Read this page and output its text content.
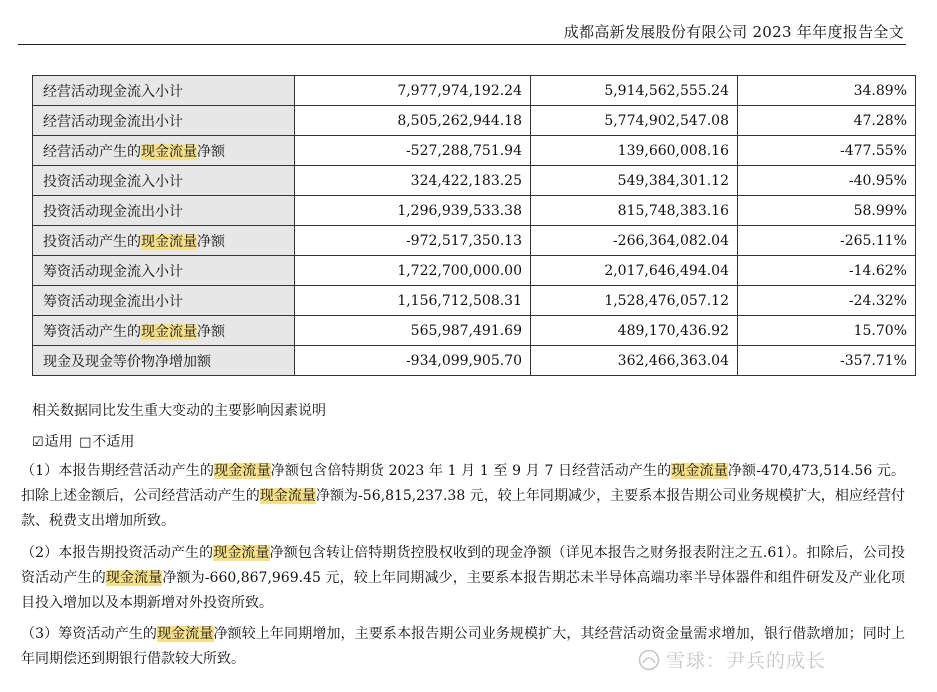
成都高新发展股份有限公司 2023 年年度报告全文
经营活动现金流入小计	7,977,974,192.24	5,914,562,555.24	34.89%
经营活动现金流出小计	8,505,262,944.18	5,774,902,547.08	47.28%
经营活动产生的现金流量净额	-527,288,751.94	139,660,008.16	-477.55%
投资活动现金流入小计	324,422,183.25	549,384,301.12	-40.95%
投资活动现金流出小计	1,296,939,533.38	815,748,383.16	58.99%
投资活动产生的现金流量净额	-972,517,350.13	-266,364,082.04	-265.11%
筹资活动现金流入小计	1,722,700,000.00	2,017,646,494.04	-14.62%
筹资活动现金流出小计	1,156,712,508.31	1,528,476,057.12	-24.32%
筹资活动产生的现金流量净额	565,987,491.69	489,170,436.92	15.70%
现金及现金等价物净增加额	-934,099,905.70	362,466,363.04	-357.71%
相关数据同比发生重大变动的主要影响因素说明
☑适用 □不适用
（1）本报告期经营活动产生的现金流量净额包含倍特期货 2023 年 1 月 1 至 9 月 7 日经营活动产生的现金流量净额-470,473,514.56 元。扣除上述金额后，公司经营活动产生的现金流量净额为-56,815,237.38 元，较上年同期减少，主要系本报告期公司业务规模扩大，相应经营付款、税费支出增加所致。
（2）本报告期投资活动产生的现金流量净额包含转让倍特期货控股权收到的现金净额（详见本报告之财务报表附注之五.61）。扣除后，公司投资活动产生的现金流量净额为-660,867,969.45 元，较上年同期减少，主要系本报告期芯未半导体高端功率半导体器件和组件研发及产业化项目投入增加以及本期新增对外投资所致。
（3）筹资活动产生的现金流量净额较上年同期增加，主要系本报告期公司业务规模扩大，其经营活动资金量需求增加，银行借款增加；同时上年同期偿还到期银行借款较大所致。	雪球：尹兵的成长
